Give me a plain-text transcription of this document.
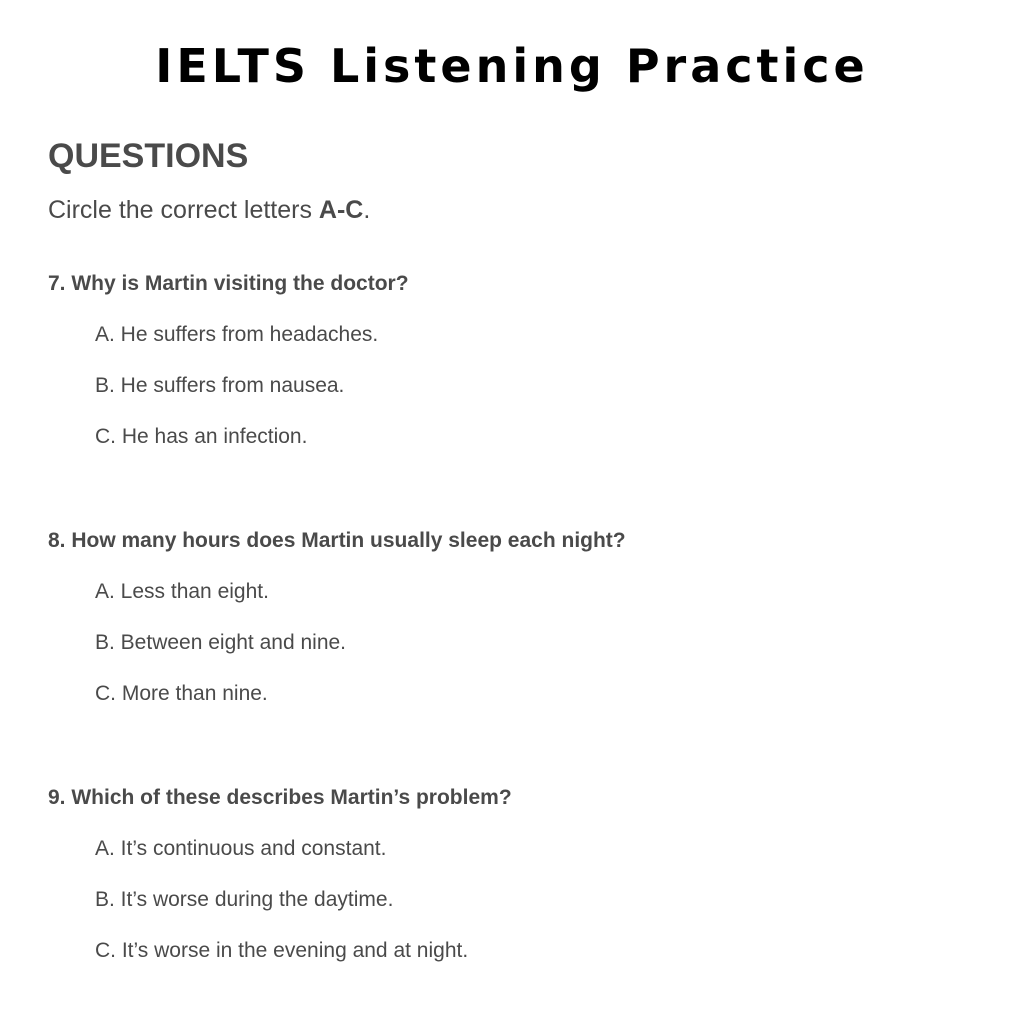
IELTS Listening Practice
QUESTIONS

Circle the correct letters A-C.

7. Why is Martin visiting the doctor?
A. He suffers from headaches.
B. He suffers from nausea.
C. He has an infection.
8. How many hours does Martin usually sleep each night?
A. Less than eight.
B. Between eight and nine.
C. More than nine.
9. Which of these describes Martin’s problem?
A. It’s continuous and constant.
B. It’s worse during the daytime.
C. It’s worse in the evening and at night.
